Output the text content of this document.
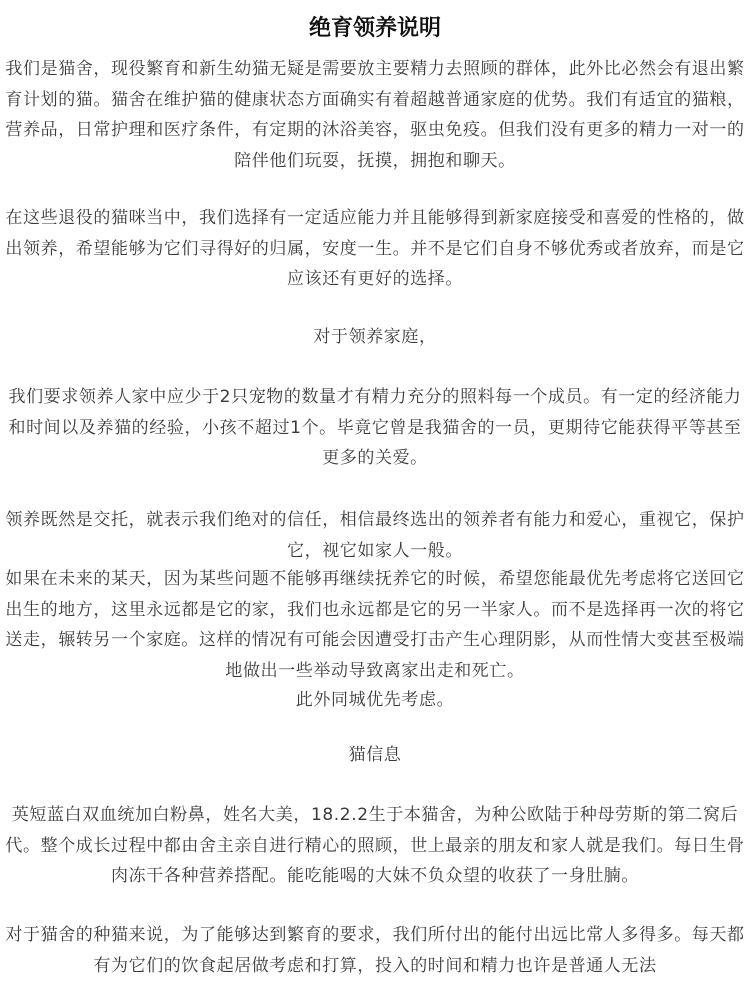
绝育领养说明
我们是猫舍，现役繁育和新生幼猫无疑是需要放主要精力去照顾的群体，此外比必然会有退出繁育计划的猫。猫舍在维护猫的健康状态方面确实有着超越普通家庭的优势。我们有适宜的猫粮，营养品，日常护理和医疗条件，有定期的沐浴美容，驱虫免疫。但我们没有更多的精力一对一的陪伴他们玩耍，抚摸，拥抱和聊天。
在这些退役的猫咪当中，我们选择有一定适应能力并且能够得到新家庭接受和喜爱的性格的，做出领养，希望能够为它们寻得好的归属，安度一生。并不是它们自身不够优秀或者放弃，而是它应该还有更好的选择。
对于领养家庭，
我们要求领养人家中应少于2只宠物的数量才有精力充分的照料每一个成员。有一定的经济能力和时间以及养猫的经验，小孩不超过1个。毕竟它曾是我猫舍的一员，更期待它能获得平等甚至更多的关爱。
领养既然是交托，就表示我们绝对的信任，相信最终选出的领养者有能力和爱心，重视它，保护它，视它如家人一般。
如果在未来的某天，因为某些问题不能够再继续抚养它的时候，希望您能最优先考虑将它送回它出生的地方，这里永远都是它的家，我们也永远都是它的另一半家人。而不是选择再一次的将它送走，辗转另一个家庭。这样的情况有可能会因遭受打击产生心理阴影，从而性情大变甚至极端地做出一些举动导致离家出走和死亡。
此外同城优先考虑。
猫信息
英短蓝白双血统加白粉鼻，姓名大美，18.2.2生于本猫舍，为种公欧陆于种母劳斯的第二窝后代。整个成长过程中都由舍主亲自进行精心的照顾，世上最亲的朋友和家人就是我们。每日生骨肉冻干各种营养搭配。能吃能喝的大妹不负众望的收获了一身肚腩。
对于猫舍的种猫来说，为了能够达到繁育的要求，我们所付出的能付出远比常人多得多。每天都有为它们的饮食起居做考虑和打算，投入的时间和精力也许是普通人无法
